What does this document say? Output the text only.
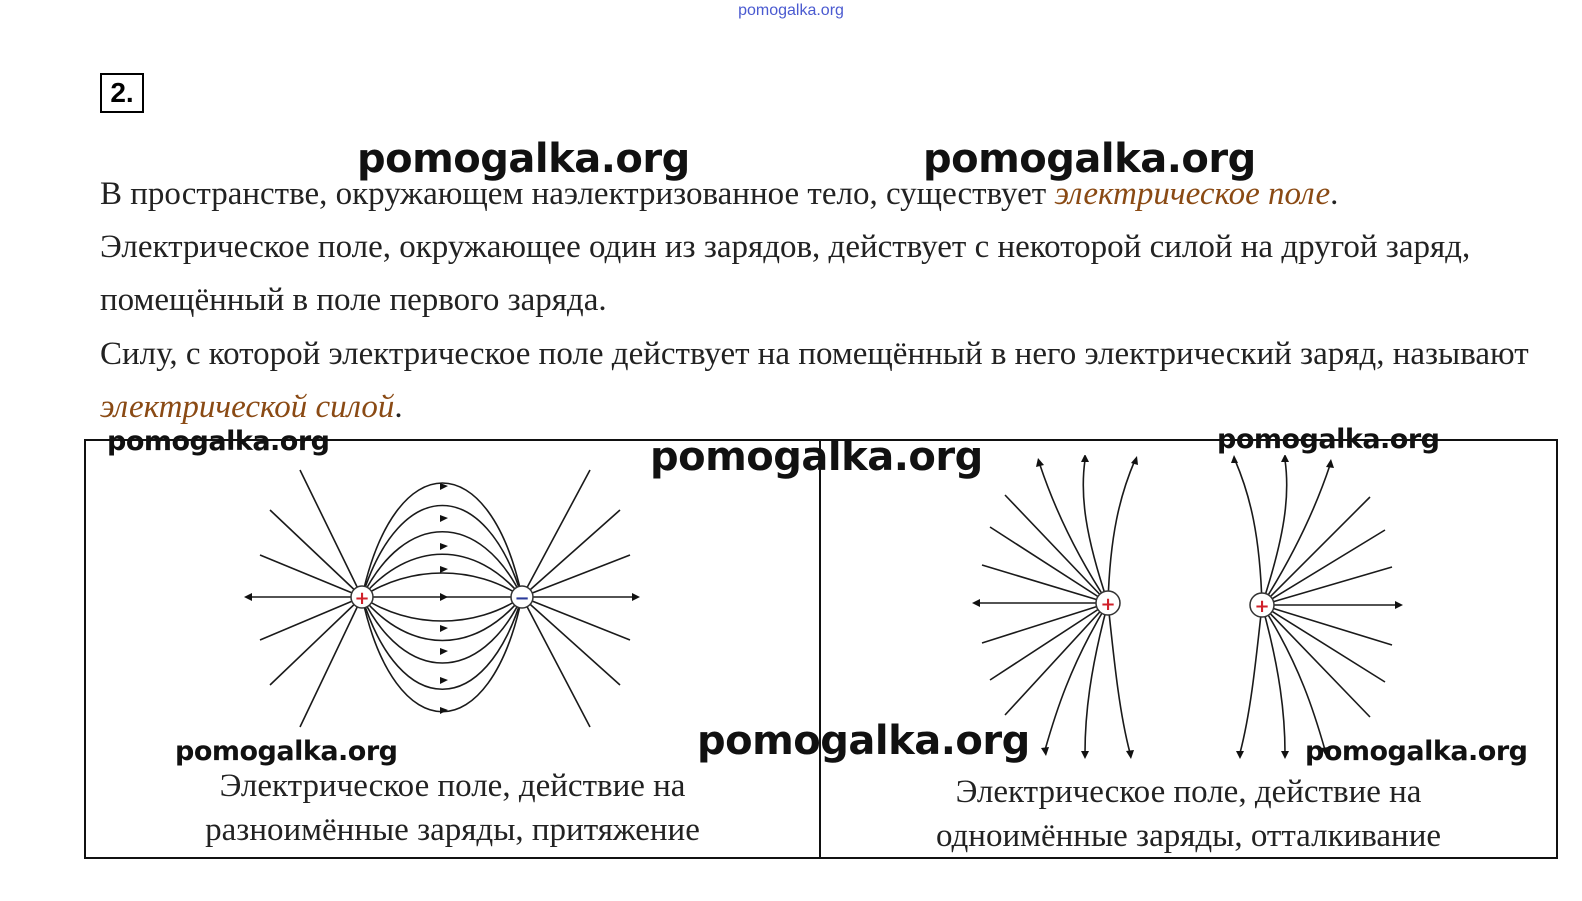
pomogalka.org
2.

В пространстве, окружающем наэлектризованное тело, существует электрическое поле. Электрическое поле, окружающее один из зарядов, действует с некоторой силой на другой заряд, помещённый в поле первого заряда.

Силу, с которой электрическое поле действует на помещённый в него электрический заряд, называют электрической силой.

+	−	+	+
Электрическое поле, действие на
разноимённые заряды, притяжение
Электрическое поле, действие на
одноимённые заряды, отталкивание
pomogalka.org	pomogalka.org
pomogalka.org	pomogalka.org	pomogalka.org
pomogalka.org	pomogalka.org	pomogalka.org
